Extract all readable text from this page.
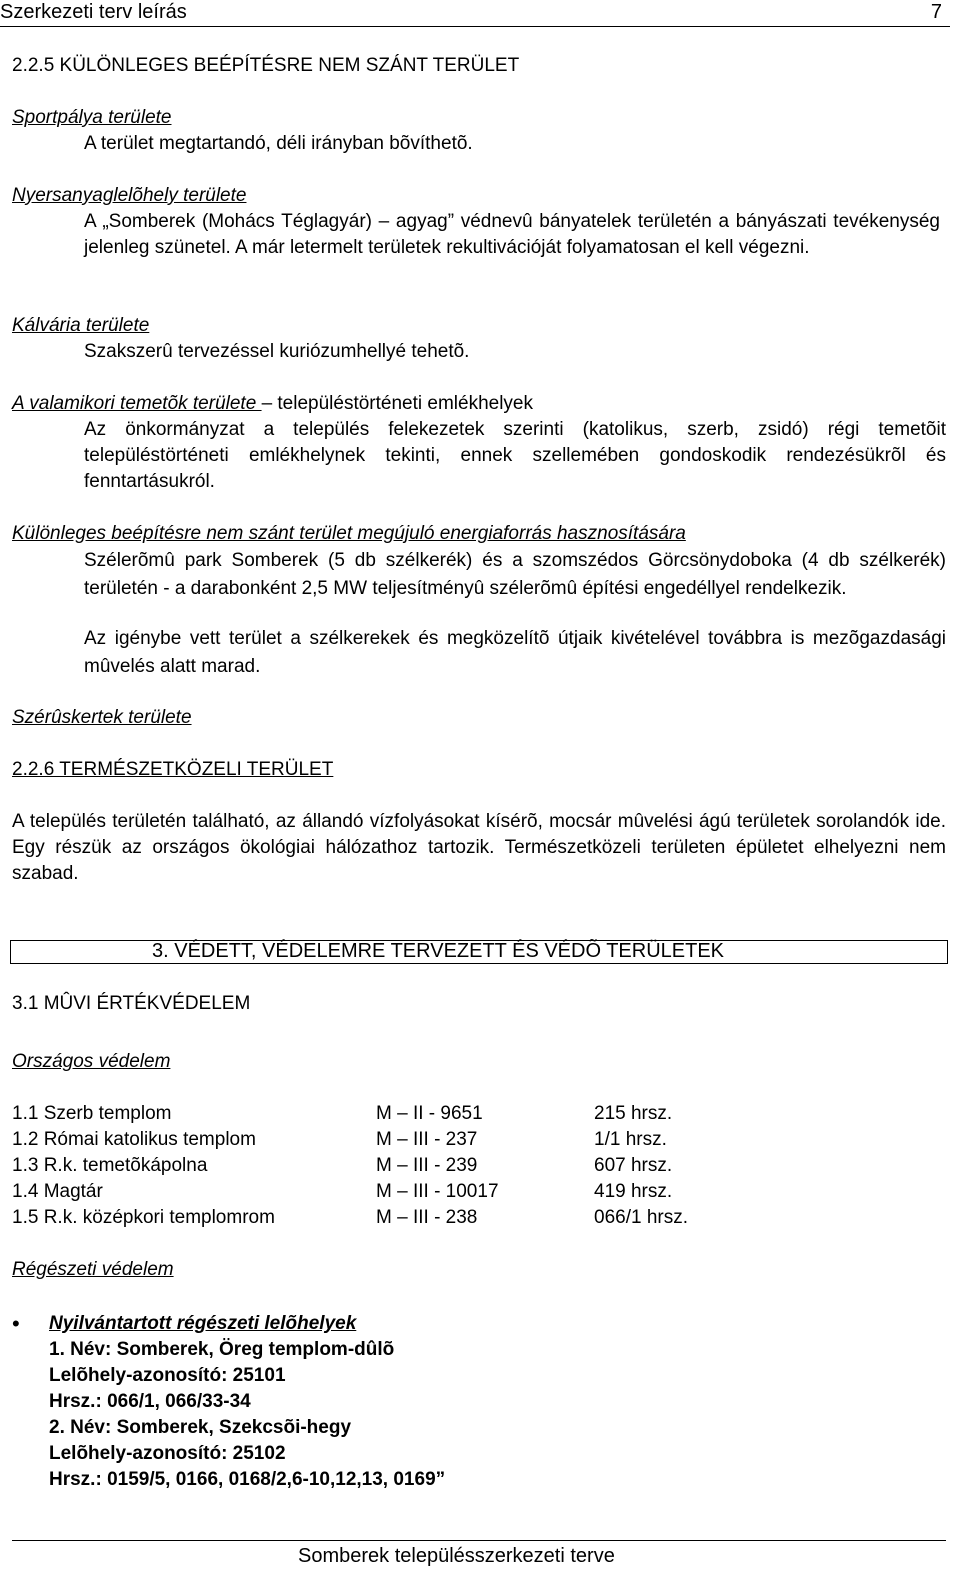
Szerkezeti terv leírás	7
2.2.5 KÜLÖNLEGES BEÉPÍTÉSRE NEM SZÁNT TERÜLET
Sportpálya területe
A terület megtartandó, déli irányban bõvíthetõ.
Nyersanyaglelõhely területe
A „Somberek (Mohács Téglagyár) – agyag” védnevû bányatelek területén a bányászati tevékenység jelenleg szünetel. A már letermelt területek rekultivációját folyamatosan el kell végezni.
Kálvária területe
Szakszerû tervezéssel kuriózumhellyé tehetõ.
A valamikori temetõk területe – településtörténeti emlékhelyek
Az önkormányzat a település felekezetek szerinti (katolikus, szerb, zsidó) régi temetõit településtörténeti emlékhelynek tekinti, ennek szellemében gondoskodik rendezésükrõl és fenntartásukról.
Különleges beépítésre nem szánt terület megújuló energiaforrás hasznosítására
Szélerõmû park Somberek (5 db szélkerék) és a szomszédos Görcsönydoboka (4 db szélkerék) területén - a darabonként 2,5 MW teljesítményû szélerõmû építési engedéllyel rendelkezik.
Az igénybe vett terület a szélkerekek és megközelítõ útjaik kivételével továbbra is mezõgazdasági mûvelés alatt marad.
Szérûskertek területe
2.2.6 TERMÉSZETKÖZELI TERÜLET
A település területén található, az állandó vízfolyásokat kísérõ, mocsár mûvelési ágú területek sorolandók ide. Egy részük az országos ökológiai hálózathoz tartozik. Természetközeli területen épületet elhelyezni nem szabad.
3. VÉDETT, VÉDELEMRE TERVEZETT ÉS VÉDÕ TERÜLETEK
3.1 MÛVI ÉRTÉKVÉDELEM
Országos védelem
1.1 Szerb templom	M – II - 9651	215 hrsz.
1.2 Római katolikus templom	M – III - 237	1/1 hrsz.
1.3 R.k. temetõkápolna	M – III - 239	607 hrsz.
1.4 Magtár	M – III - 10017	419 hrsz.
1.5 R.k. középkori templomrom	M – III - 238	066/1 hrsz.
Régészeti védelem
• Nyilvántartott régészeti lelõhelyek
1. Név: Somberek, Öreg templom-dûlõ
Lelõhely-azonosító: 25101
Hrsz.: 066/1, 066/33-34
2. Név: Somberek, Szekcsõi-hegy
Lelõhely-azonosító: 25102
Hrsz.: 0159/5, 0166, 0168/2,6-10,12,13, 0169”
Somberek településszerkezeti terve
